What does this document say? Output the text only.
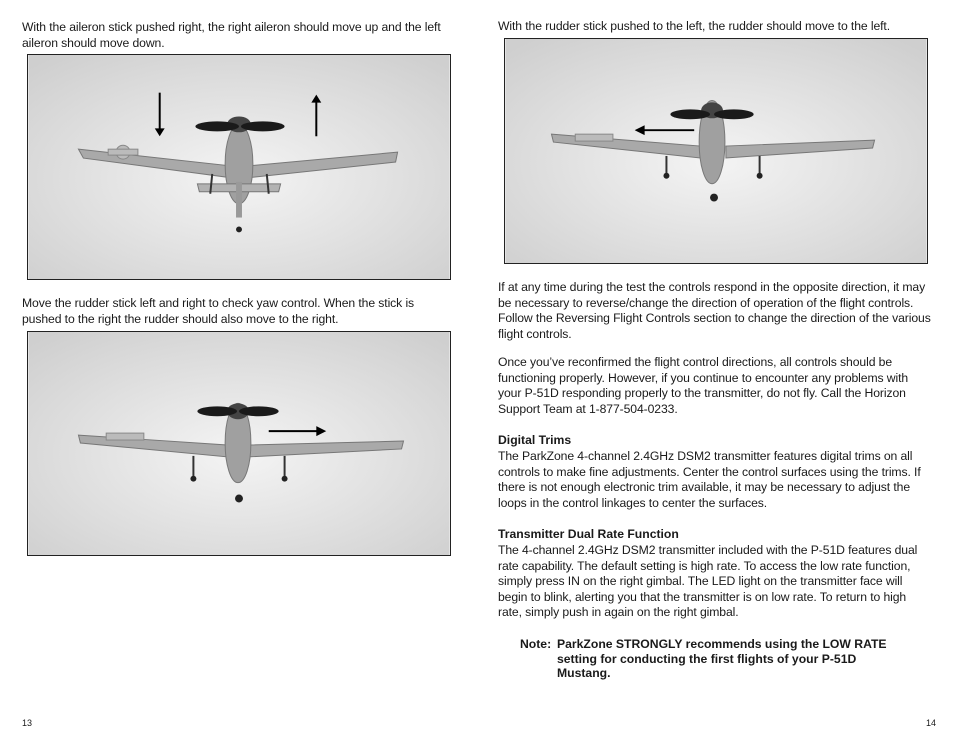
With the aileron stick pushed right, the right aileron should move up and the left aileron should move down.
Move the rudder stick left and right to check yaw control. When the stick is pushed to the right the rudder should also move to the right.
13
With the rudder stick pushed to the left, the rudder should move to the left.
If at any time during the test the controls respond in the opposite direction, it may be necessary to reverse/change the direction of operation of the flight controls. Follow the Reversing Flight Controls section to change the direction of the various flight controls.
Once you’ve reconfirmed the flight control directions, all controls should be functioning properly. However, if you continue to encounter any problems with your P-51D responding properly to the transmitter, do not fly. Call the Horizon Support Team at 1-877-504-0233.
Digital Trims
The ParkZone 4-channel 2.4GHz DSM2 transmitter features digital trims on all controls to make fine adjustments. Center the control surfaces using the trims. If there is not enough electronic trim available, it may be necessary to adjust the loops in the control linkages to center the surfaces.
Transmitter Dual Rate Function
The 4-channel 2.4GHz DSM2 transmitter included with the P-51D features dual rate capability. The default setting is high rate. To access the low rate function, simply press IN on the right gimbal. The LED light on the transmitter face will begin to blink, alerting you that the transmitter is on low rate. To return to high rate, simply push in again on the right gimbal.
Note: ParkZone STRONGLY recommends using the LOW RATE setting for conducting the first flights of your P-51D Mustang.
14
